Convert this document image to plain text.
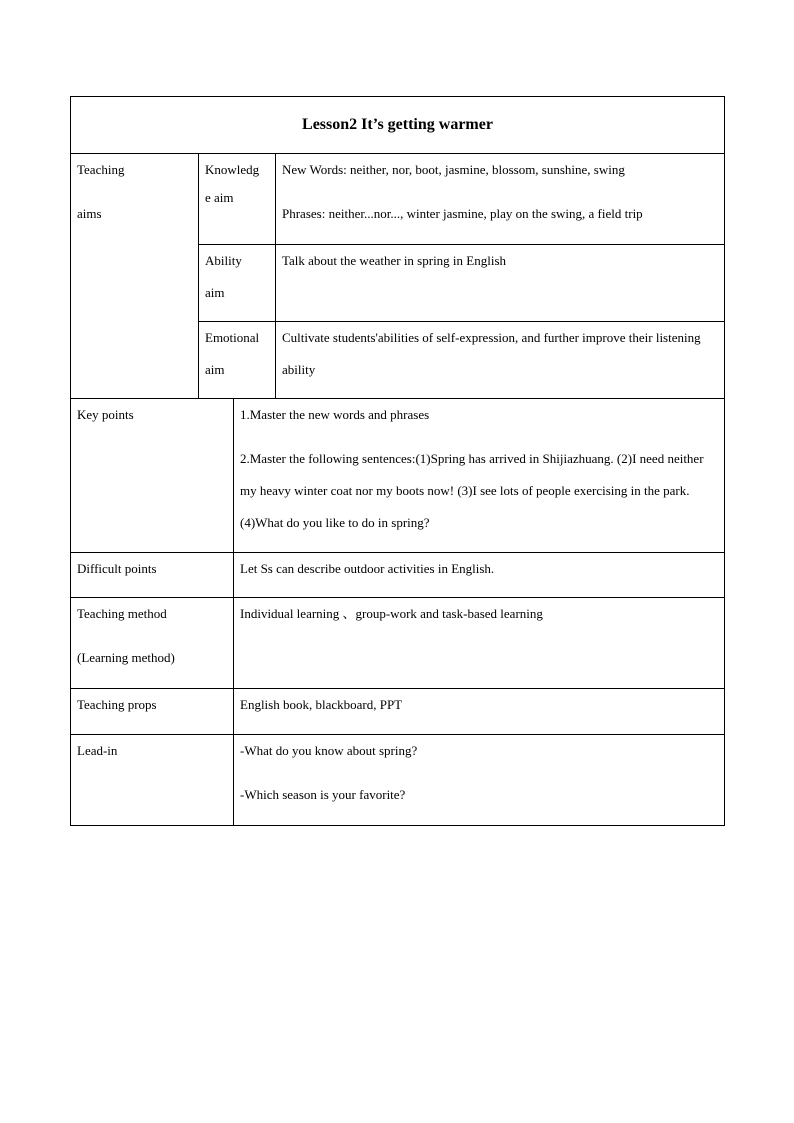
Lesson2 It’s getting warmer			

Teaching
aims	Knowledg
e aim		New Words: neither, nor, boot, jasmine, blossom, sunshine, swing
Phrases: neither...nor..., winter jasmine, play on the swing, a field trip

	Ability
aim		Talk about the weather in spring in English

	Emotional
aim		Cultivate students'abilities of self-expression, and further improve their listening ability

Key points		1.Master the new words and phrases
2.Master the following sentences:(1)Spring has arrived in Shijiazhuang. (2)I need neither my heavy winter coat nor my boots now! (3)I see lots of people exercising in the park. (4)What do you like to do in spring?	

Difficult points		Let Ss can describe outdoor activities in English.	

Teaching method
(Learning method)		Individual learning 、group-work and task-based learning	

Teaching props		English book, blackboard, PPT	

Lead-in		-What do you know about spring?
-Which season is your favorite?	
